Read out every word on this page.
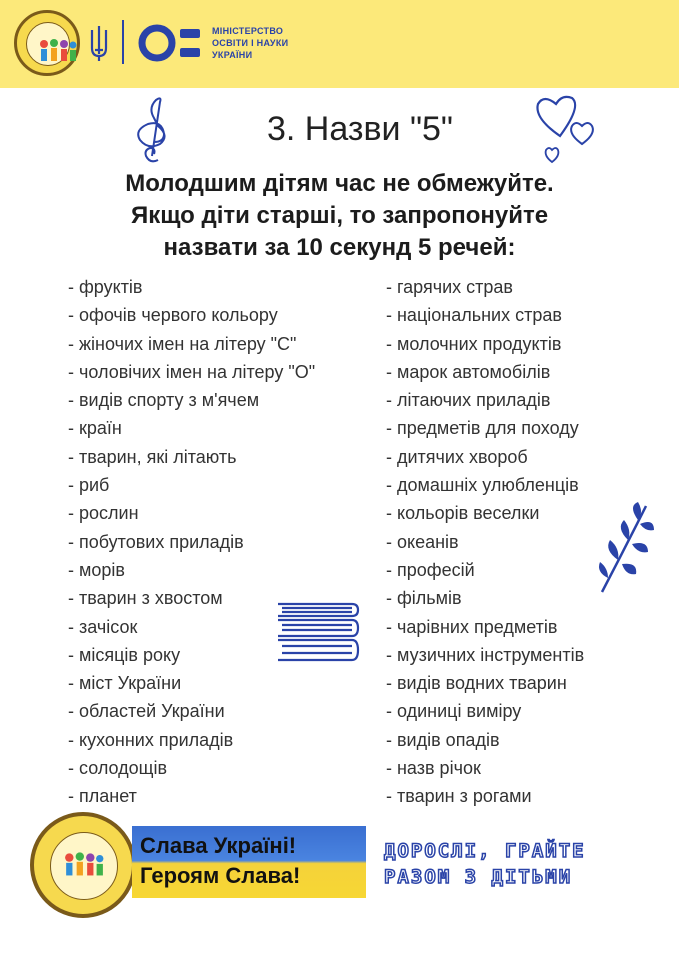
МІНІСТЕРСТВО
ОСВІТИ І НАУКИ
УКРАЇНИ
3. Назви "5"
Молодшим дітям час не обмежуйте.
Якщо діти старші, то запропонуйте
назвати за 10 секунд 5 речей:
- фруктів
- офочів червого кольору
- жіночих імен на літеру "С"
- чоловічих імен на літеру "О"
- видів спорту з м'ячем
- країн
- тварин, які літають
- риб
- рослин
- побутових приладів
- морів
- тварин з хвостом
- зачісок
- місяців року
- міст України
- областей України
- кухонних приладів
- солодощів
- планет
- гарячих страв
- національних страв
- молочних продуктів
- марок автомобілів
- літаючих приладів
- предметів для походу
- дитячих хвороб
- домашніх улюбленців
- кольорів веселки
- океанів
- професій
- фільмів
- чарівних предметів
- музичних інструментів
- видів водних тварин
- одиниці виміру
- видів опадів
- назв річок
- тварин з рогами
Слава Україні!
Героям Слава!
ДОРОСЛІ, ГРАЙТЕ
РАЗОМ З ДІТЬМИ
